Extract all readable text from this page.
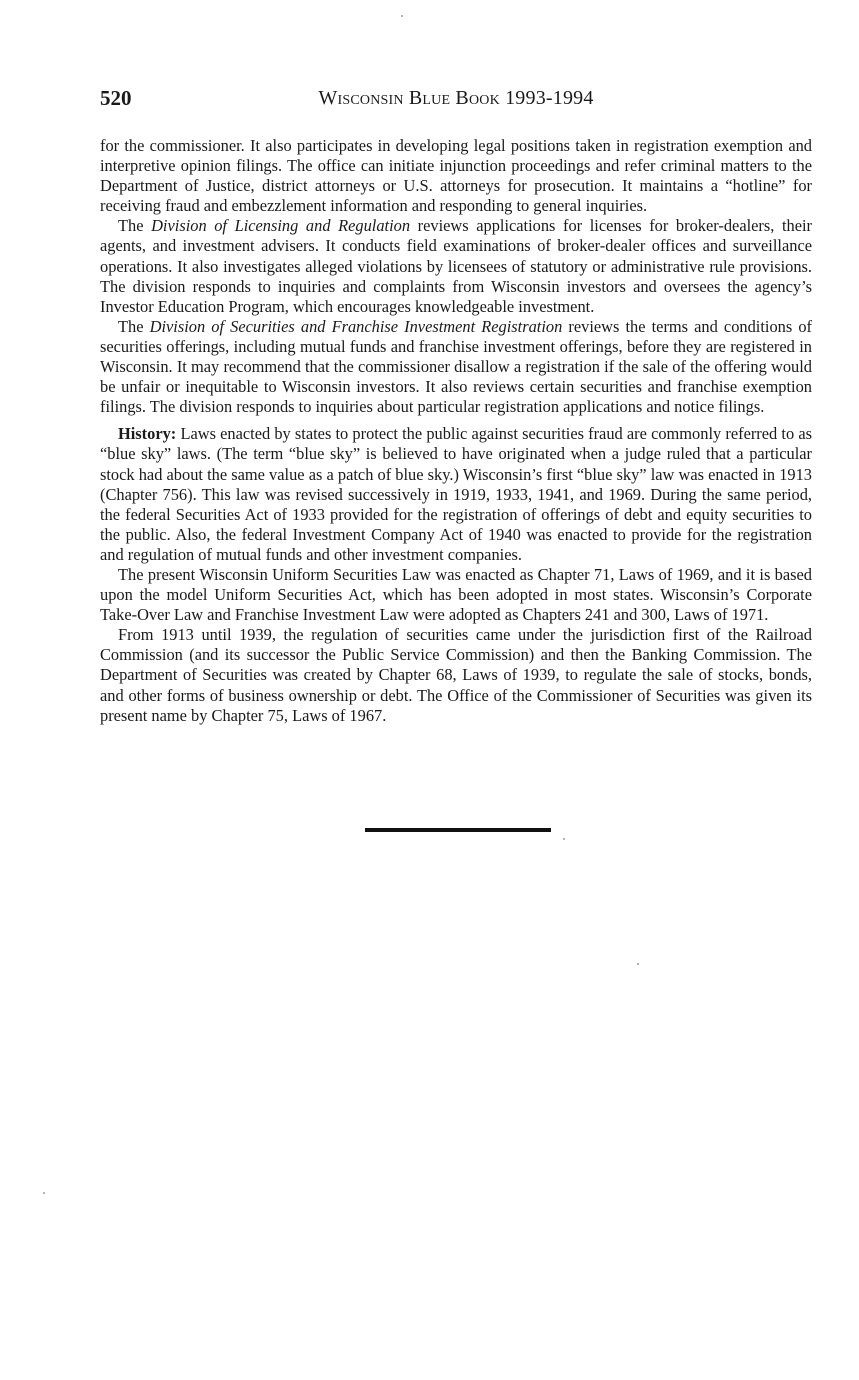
520	Wisconsin Blue Book 1993-1994

for the commissioner. It also participates in developing legal positions taken in registration exemption and interpretive opinion filings. The office can initiate injunction proceedings and refer criminal matters to the Department of Justice, district attorneys or U.S. attorneys for prosecution. It maintains a “hotline” for receiving fraud and embezzlement information and responding to general inquiries.

The Division of Licensing and Regulation reviews applications for licenses for broker-dealers, their agents, and investment advisers. It conducts field examinations of broker-dealer offices and surveillance operations. It also investigates alleged violations by licensees of statutory or administrative rule provisions. The division responds to inquiries and complaints from Wisconsin investors and oversees the agency’s Investor Education Program, which encourages knowledgeable investment.

The Division of Securities and Franchise Investment Registration reviews the terms and conditions of securities offerings, including mutual funds and franchise investment offerings, before they are registered in Wisconsin. It may recommend that the commissioner disallow a registration if the sale of the offering would be unfair or inequitable to Wisconsin investors. It also reviews certain securities and franchise exemption filings. The division responds to inquiries about particular registration applications and notice filings.

History: Laws enacted by states to protect the public against securities fraud are commonly referred to as “blue sky” laws. (The term “blue sky” is believed to have originated when a judge ruled that a particular stock had about the same value as a patch of blue sky.) Wisconsin’s first “blue sky” law was enacted in 1913 (Chapter 756). This law was revised successively in 1919, 1933, 1941, and 1969. During the same period, the federal Securities Act of 1933 provided for the registration of offerings of debt and equity securities to the public. Also, the federal Investment Company Act of 1940 was enacted to provide for the registration and regulation of mutual funds and other investment companies.

The present Wisconsin Uniform Securities Law was enacted as Chapter 71, Laws of 1969, and it is based upon the model Uniform Securities Act, which has been adopted in most states. Wisconsin’s Corporate Take-Over Law and Franchise Investment Law were adopted as Chapters 241 and 300, Laws of 1971.

From 1913 until 1939, the regulation of securities came under the jurisdiction first of the Railroad Commission (and its successor the Public Service Commission) and then the Banking Commission. The Department of Securities was created by Chapter 68, Laws of 1939, to regulate the sale of stocks, bonds, and other forms of business ownership or debt. The Office of the Commissioner of Securities was given its present name by Chapter 75, Laws of 1967.
